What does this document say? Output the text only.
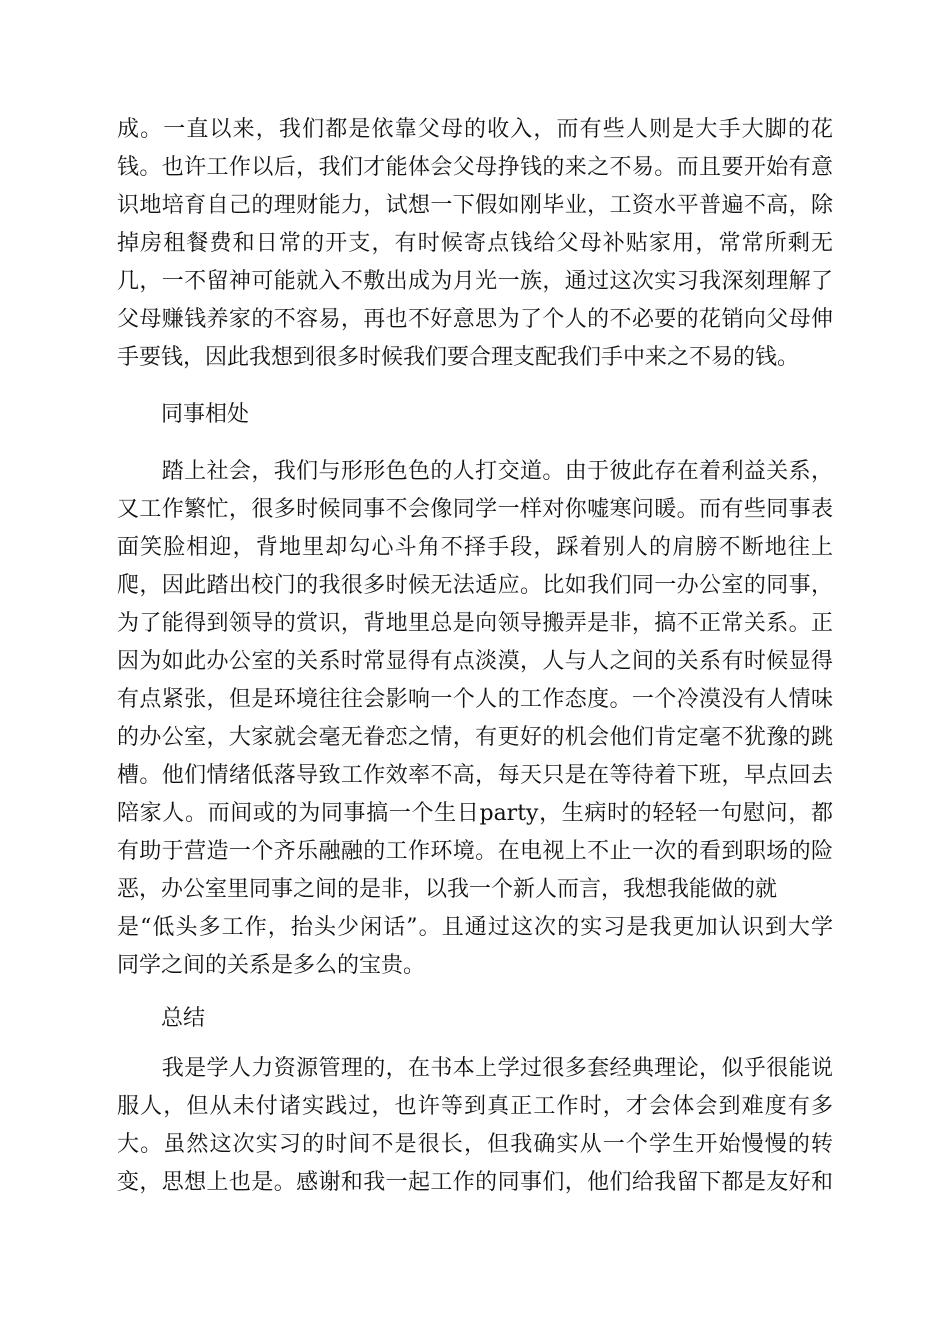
成。一直以来，我们都是依靠父母的收入，而有些人则是大手大脚的花
钱。也许工作以后，我们才能体会父母挣钱的来之不易。而且要开始有意
识地培育自己的理财能力，试想一下假如刚毕业，工资水平普遍不高，除
掉房租餐费和日常的开支，有时候寄点钱给父母补贴家用，常常所剩无
几，一不留神可能就入不敷出成为月光一族，通过这次实习我深刻理解了
父母赚钱养家的不容易，再也不好意思为了个人的不必要的花销向父母伸
手要钱，因此我想到很多时候我们要合理支配我们手中来之不易的钱。
同事相处
　　踏上社会，我们与形形色色的人打交道。由于彼此存在着利益关系，
又工作繁忙，很多时候同事不会像同学一样对你嘘寒问暖。而有些同事表
面笑脸相迎，背地里却勾心斗角不择手段，踩着别人的肩膀不断地往上
爬，因此踏出校门的我很多时候无法适应。比如我们同一办公室的同事，
为了能得到领导的赏识，背地里总是向领导搬弄是非，搞不正常关系。正
因为如此办公室的关系时常显得有点淡漠，人与人之间的关系有时候显得
有点紧张，但是环境往往会影响一个人的工作态度。一个冷漠没有人情味
的办公室，大家就会毫无眷恋之情，有更好的机会他们肯定毫不犹豫的跳
槽。他们情绪低落导致工作效率不高，每天只是在等待着下班，早点回去
陪家人。而间或的为同事搞一个生日party，生病时的轻轻一句慰问，都
有助于营造一个齐乐融融的工作环境。在电视上不止一次的看到职场的险
恶，办公室里同事之间的是非，以我一个新人而言，我想我能做的就
是“低头多工作，抬头少闲话”。且通过这次的实习是我更加认识到大学
同学之间的关系是多么的宝贵。
总结
　　我是学人力资源管理的，在书本上学过很多套经典理论，似乎很能说
服人，但从未付诸实践过，也许等到真正工作时，才会体会到难度有多
大。虽然这次实习的时间不是很长，但我确实从一个学生开始慢慢的转
变，思想上也是。感谢和我一起工作的同事们，他们给我留下都是友好和
